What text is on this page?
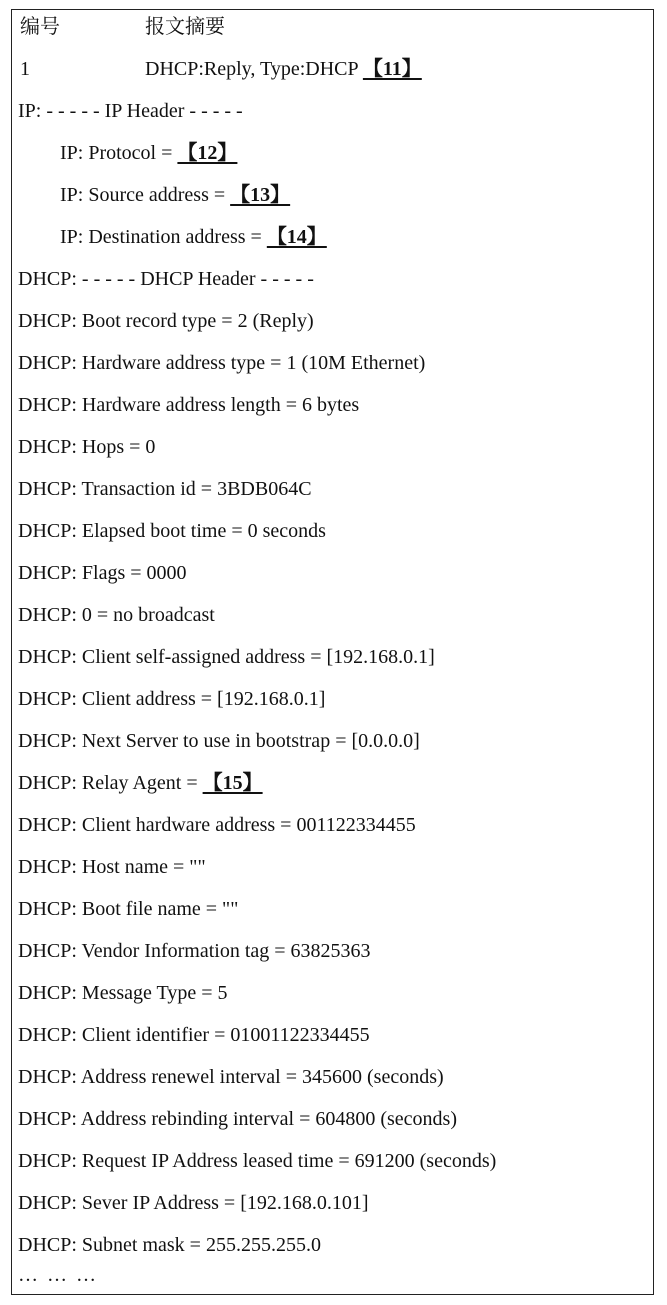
编号	报文摘要
1	DHCP:Reply, Type:DHCP 【11】
IP: - - - - - IP Header - - - - -
IP: Protocol = 【12】
IP: Source address = 【13】
IP: Destination address = 【14】
DHCP: - - - - - DHCP Header - - - - -
DHCP: Boot record type = 2 (Reply)
DHCP: Hardware address type = 1 (10M Ethernet)
DHCP: Hardware address length = 6 bytes
DHCP: Hops = 0
DHCP: Transaction id = 3BDB064C
DHCP: Elapsed boot time = 0 seconds
DHCP: Flags = 0000
DHCP: 0 = no broadcast
DHCP: Client self-assigned address = [192.168.0.1]
DHCP: Client address = [192.168.0.1]
DHCP: Next Server to use in bootstrap = [0.0.0.0]
DHCP: Relay Agent = 【15】
DHCP: Client hardware address = 001122334455
DHCP: Host name = ""
DHCP: Boot file name = ""
DHCP: Vendor Information tag = 63825363
DHCP: Message Type = 5
DHCP: Client identifier = 01001122334455
DHCP: Address renewel interval = 345600 (seconds)
DHCP: Address rebinding interval = 604800 (seconds)
DHCP: Request IP Address leased time = 691200 (seconds)
DHCP: Sever IP Address = [192.168.0.101]
DHCP: Subnet mask = 255.255.255.0
… … …
